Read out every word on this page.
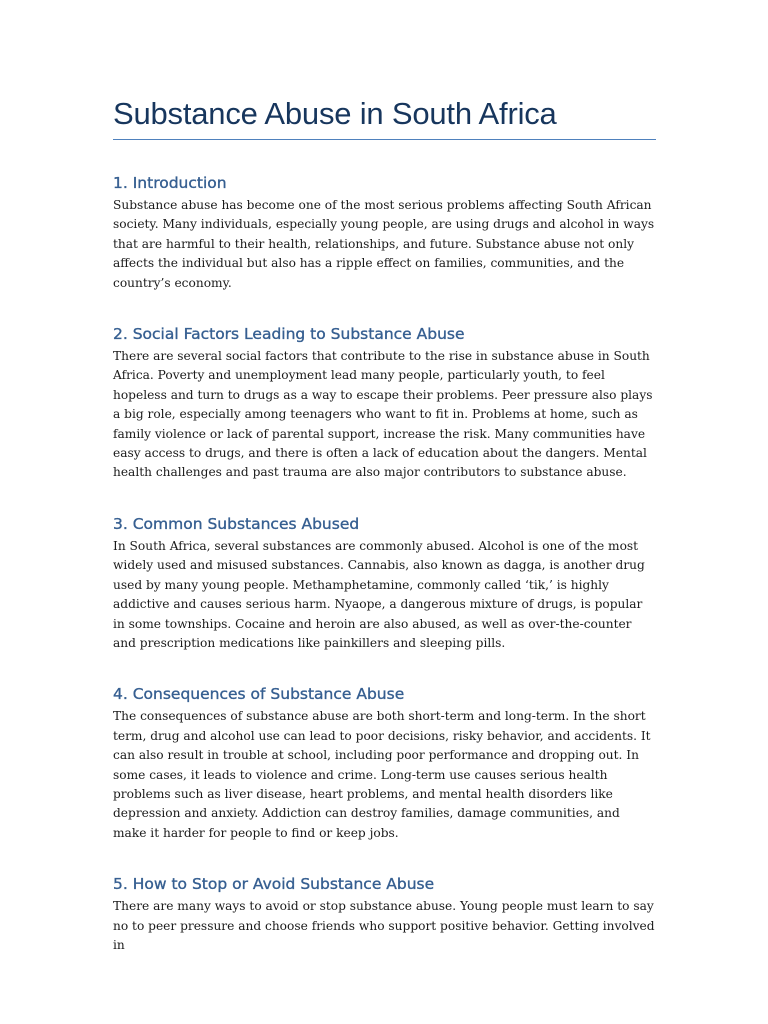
Substance Abuse in South Africa
1. Introduction

Substance abuse has become one of the most serious problems affecting South African society. Many individuals, especially young people, are using drugs and alcohol in ways that are harmful to their health, relationships, and future. Substance abuse not only affects the individual but also has a ripple effect on families, communities, and the country’s economy.

2. Social Factors Leading to Substance Abuse

There are several social factors that contribute to the rise in substance abuse in South Africa. Poverty and unemployment lead many people, particularly youth, to feel hopeless and turn to drugs as a way to escape their problems. Peer pressure also plays a big role, especially among teenagers who want to fit in. Problems at home, such as family violence or lack of parental support, increase the risk. Many communities have easy access to drugs, and there is often a lack of education about the dangers. Mental health challenges and past trauma are also major contributors to substance abuse.

3. Common Substances Abused

In South Africa, several substances are commonly abused. Alcohol is one of the most widely used and misused substances. Cannabis, also known as dagga, is another drug used by many young people. Methamphetamine, commonly called ‘tik,’ is highly addictive and causes serious harm. Nyaope, a dangerous mixture of drugs, is popular in some townships. Cocaine and heroin are also abused, as well as over-the-counter and prescription medications like painkillers and sleeping pills.

4. Consequences of Substance Abuse

The consequences of substance abuse are both short-term and long-term. In the short term, drug and alcohol use can lead to poor decisions, risky behavior, and accidents. It can also result in trouble at school, including poor performance and dropping out. In some cases, it leads to violence and crime. Long-term use causes serious health problems such as liver disease, heart problems, and mental health disorders like depression and anxiety. Addiction can destroy families, damage communities, and make it harder for people to find or keep jobs.

5. How to Stop or Avoid Substance Abuse

There are many ways to avoid or stop substance abuse. Young people must learn to say no to peer pressure and choose friends who support positive behavior. Getting involved in
